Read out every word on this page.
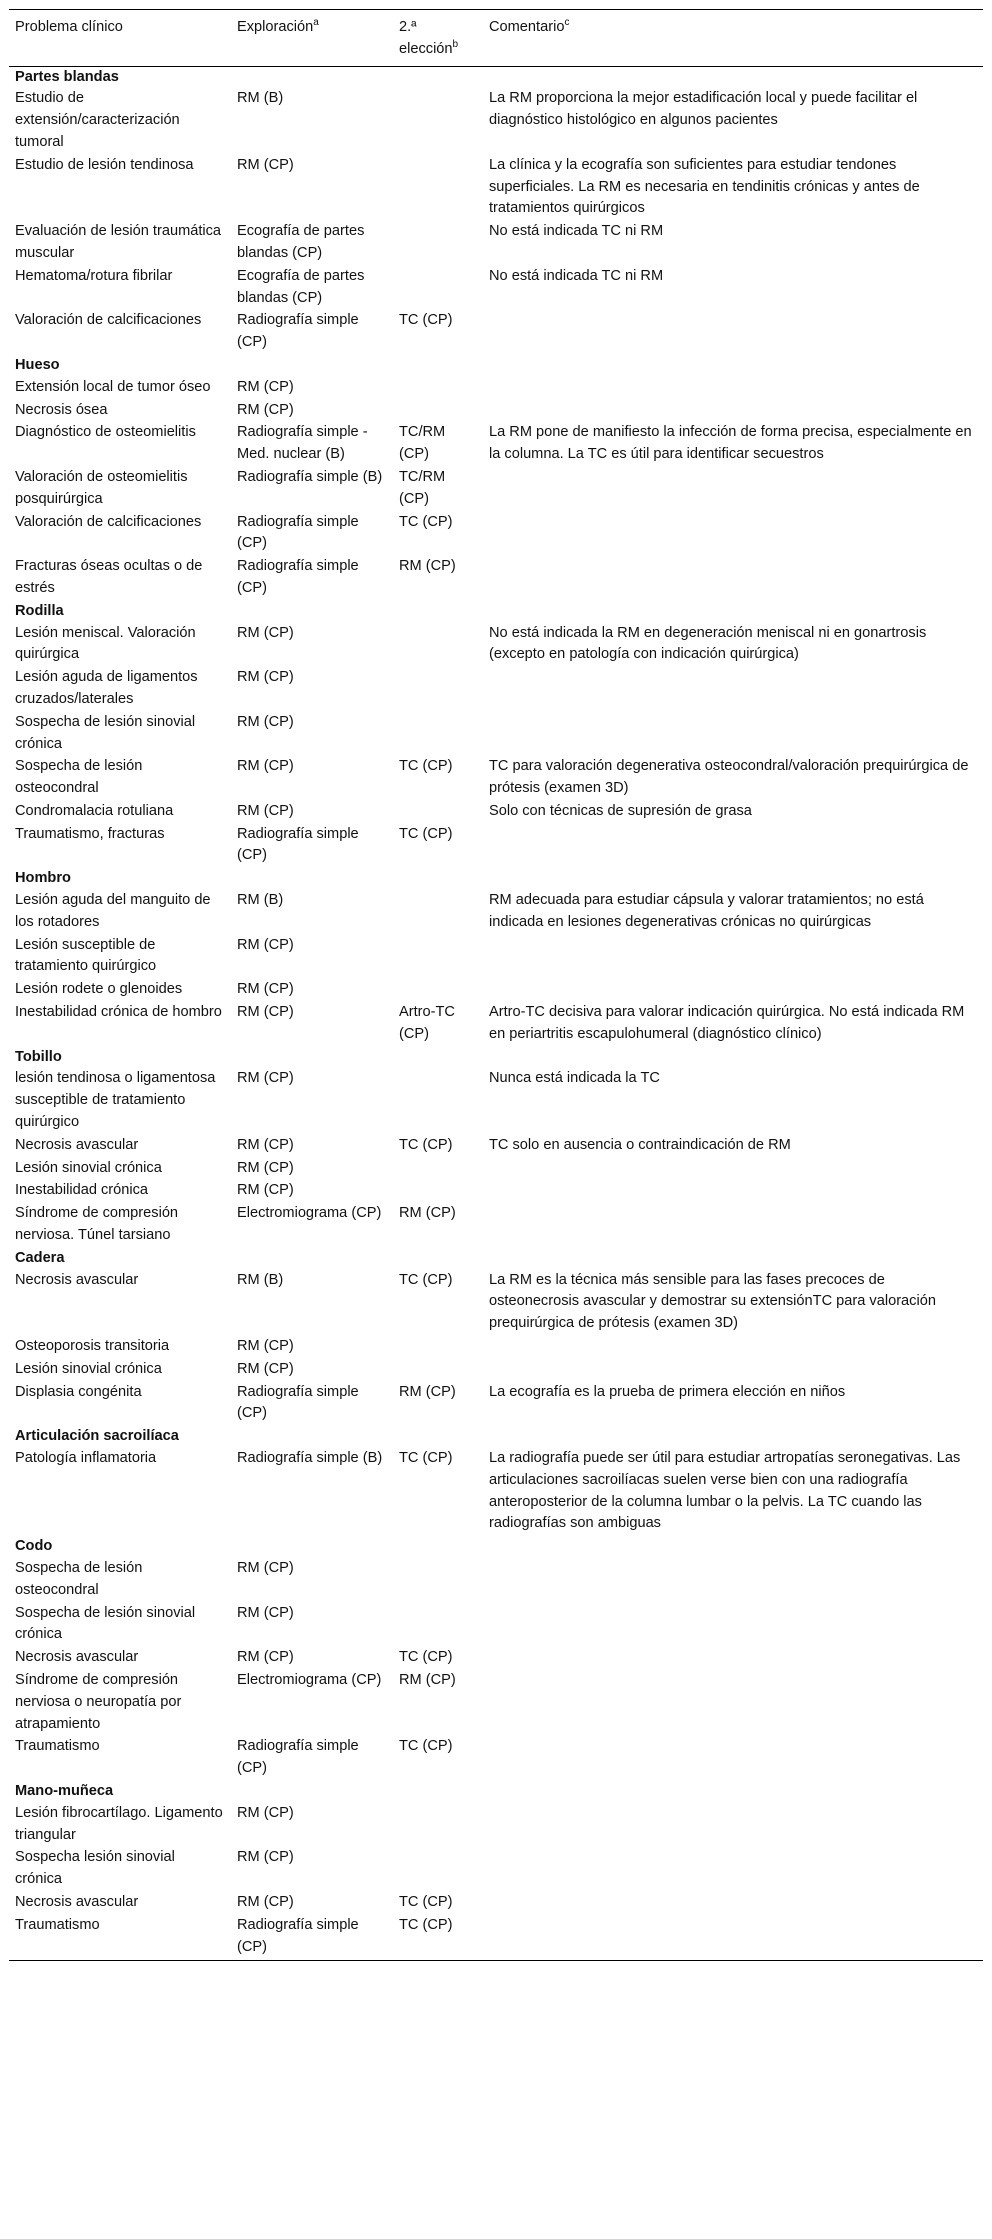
Problema clínico	Exploración$^a$	2.ª elección$^b$	Comentario$^c$
Partes blandas			
Estudio de extensión/caracterización tumoral	RM (B)		La RM proporciona la mejor estadificación local y puede facilitar el diagnóstico histológico en algunos pacientes
Estudio de lesión tendinosa	RM (CP)		La clínica y la ecografía son suficientes para estudiar tendones superficiales. La RM es necesaria en tendinitis crónicas y antes de tratamientos quirúrgicos
Evaluación de lesión traumática muscular	Ecografía de partes blandas (CP)		No está indicada TC ni RM
Hematoma/rotura fibrilar	Ecografía de partes blandas (CP)		No está indicada TC ni RM
Valoración de calcificaciones	Radiografía simple (CP)	TC (CP)	
Hueso			
Extensión local de tumor óseo	RM (CP)		
Necrosis ósea	RM (CP)		
Diagnóstico de osteomielitis	Radiografía simple - Med. nuclear (B)	TC/RM (CP)	La RM pone de manifiesto la infección de forma precisa, especialmente en la columna. La TC es útil para identificar secuestros
Valoración de osteomielitis posquirúrgica	Radiografía simple (B)	TC/RM (CP)	
Valoración de calcificaciones	Radiografía simple (CP)	TC (CP)	
Fracturas óseas ocultas o de estrés	Radiografía simple (CP)	RM (CP)	
Rodilla			
Lesión meniscal. Valoración quirúrgica	RM (CP)		No está indicada la RM en degeneración meniscal ni en gonartrosis (excepto en patología con indicación quirúrgica)
Lesión aguda de ligamentos cruzados/laterales	RM (CP)		
Sospecha de lesión sinovial crónica	RM (CP)		
Sospecha de lesión osteocondral	RM (CP)	TC (CP)	TC para valoración degenerativa osteocondral/valoración prequirúrgica de prótesis (examen 3D)
Condromalacia rotuliana	RM (CP)		Solo con técnicas de supresión de grasa
Traumatismo, fracturas	Radiografía simple (CP)	TC (CP)	
Hombro			
Lesión aguda del manguito de los rotadores	RM (B)		RM adecuada para estudiar cápsula y valorar tratamientos; no está indicada en lesiones degenerativas crónicas no quirúrgicas
Lesión susceptible de tratamiento quirúrgico	RM (CP)		
Lesión rodete o glenoides	RM (CP)		
Inestabilidad crónica de hombro	RM (CP)	Artro-TC (CP)	Artro-TC decisiva para valorar indicación quirúrgica. No está indicada RM en periartritis escapulohumeral (diagnóstico clínico)
Tobillo			
lesión tendinosa o ligamentosa susceptible de tratamiento quirúrgico	RM (CP)		Nunca está indicada la TC
Necrosis avascular	RM (CP)	TC (CP)	TC solo en ausencia o contraindicación de RM
Lesión sinovial crónica	RM (CP)		
Inestabilidad crónica	RM (CP)		
Síndrome de compresión nerviosa. Túnel tarsiano	Electromiograma (CP)	RM (CP)	
Cadera			
Necrosis avascular	RM (B)	TC (CP)	La RM es la técnica más sensible para las fases precoces de osteonecrosis avascular y demostrar su extensiónTC para valoración prequirúrgica de prótesis (examen 3D)
Osteoporosis transitoria	RM (CP)		
Lesión sinovial crónica	RM (CP)		
Displasia congénita	Radiografía simple (CP)	RM (CP)	La ecografía es la prueba de primera elección en niños
Articulación sacroilíaca			
Patología inflamatoria	Radiografía simple (B)	TC (CP)	La radiografía puede ser útil para estudiar artropatías seronegativas. Las articulaciones sacroilíacas suelen verse bien con una radiografía anteroposterior de la columna lumbar o la pelvis. La TC cuando las radiografías son ambiguas
Codo			
Sospecha de lesión osteocondral	RM (CP)		
Sospecha de lesión sinovial crónica	RM (CP)		
Necrosis avascular	RM (CP)	TC (CP)	
Síndrome de compresión nerviosa o neuropatía por atrapamiento	Electromiograma (CP)	RM (CP)	
Traumatismo	Radiografía simple (CP)	TC (CP)	
Mano-muñeca			
Lesión fibrocartílago. Ligamento triangular	RM (CP)		
Sospecha lesión sinovial crónica	RM (CP)		
Necrosis avascular	RM (CP)	TC (CP)	
Traumatismo	Radiografía simple (CP)	TC (CP)	
